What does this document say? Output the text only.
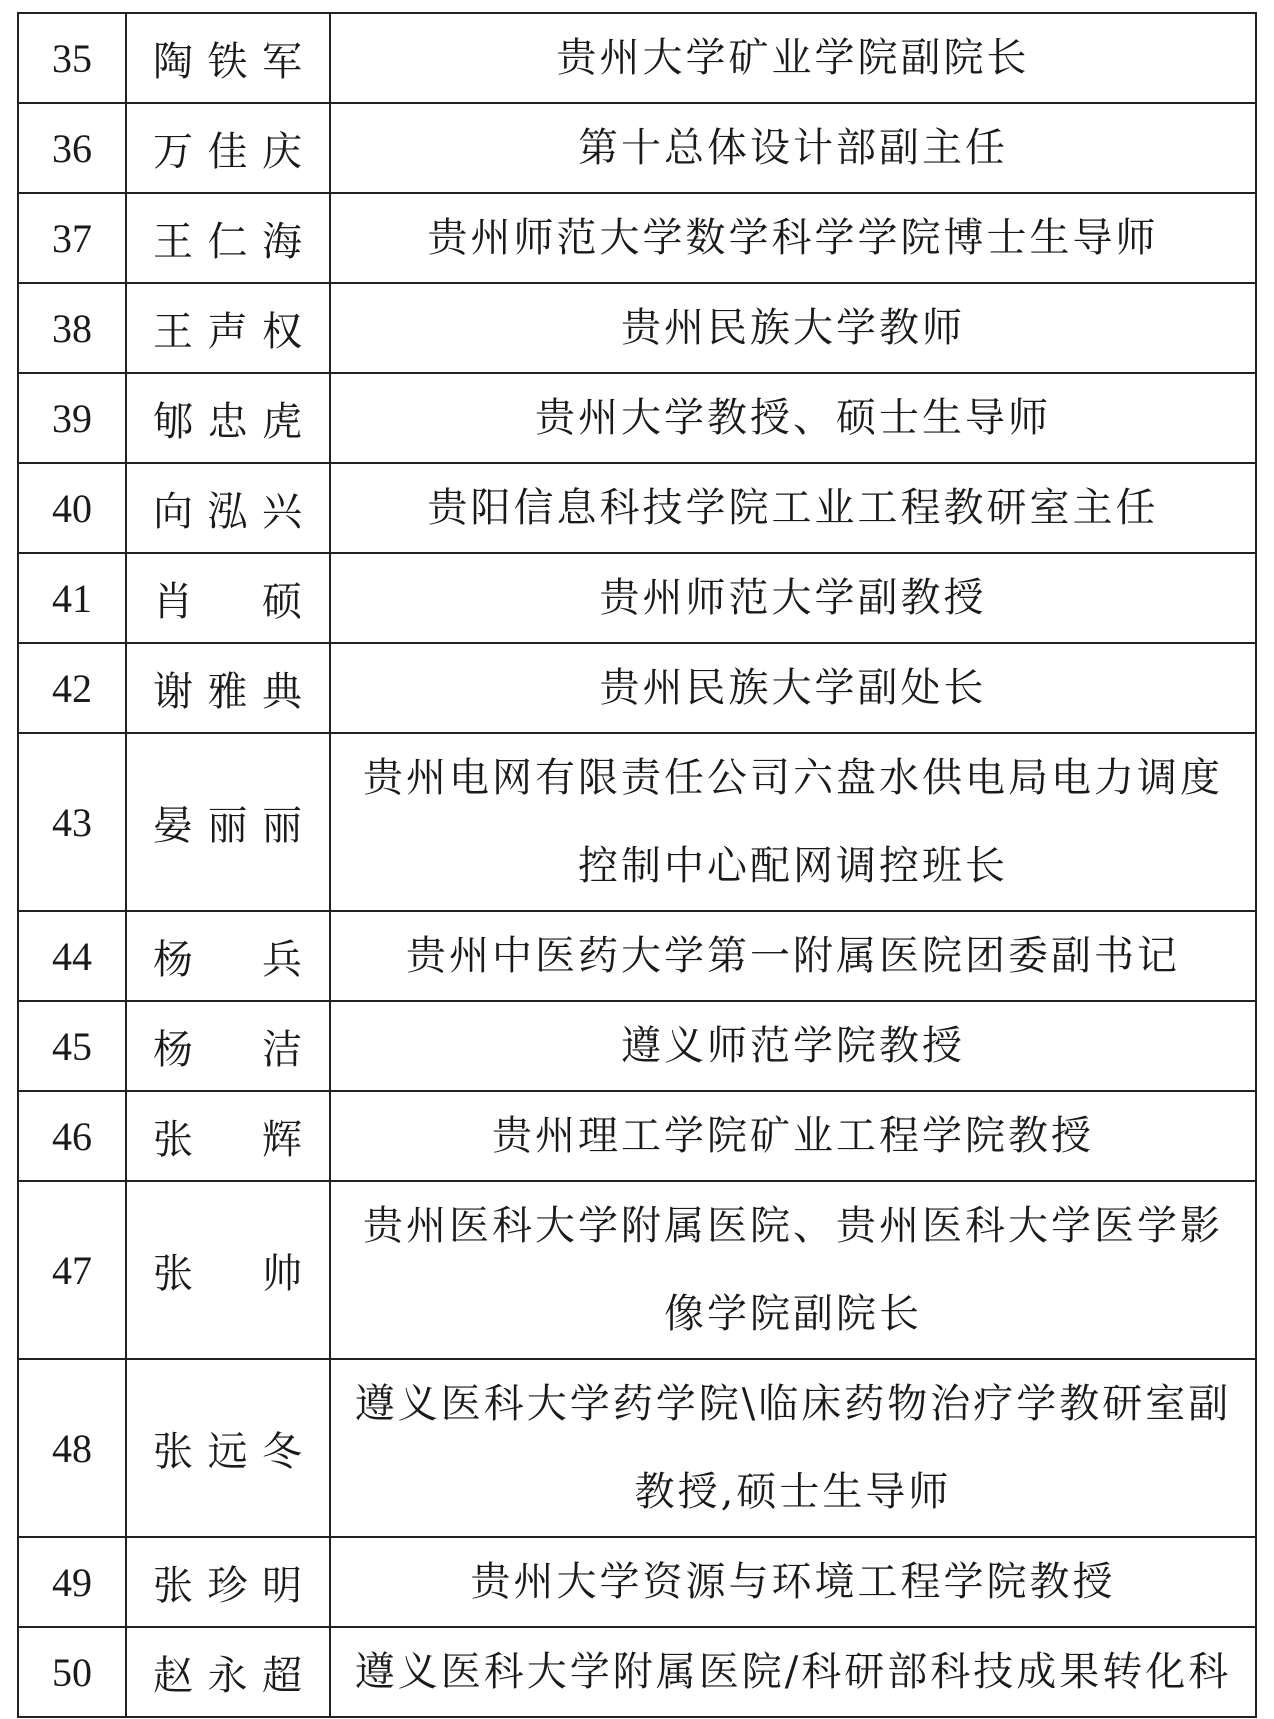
35	陶铁军	贵州大学矿业学院副院长
36	万佳庆	第十总体设计部副主任
37	王仁海	贵州师范大学数学科学学院博士生导师
38	王声权	贵州民族大学教师
39	郇忠虎	贵州大学教授、硕士生导师
40	向泓兴	贵阳信息科技学院工业工程教研室主任
41	肖 硕	贵州师范大学副教授
42	谢雅典	贵州民族大学副处长
43	晏丽丽	贵州电网有限责任公司六盘水供电局电力调度控制中心配网调控班长
44	杨 兵	贵州中医药大学第一附属医院团委副书记
45	杨 洁	遵义师范学院教授
46	张 辉	贵州理工学院矿业工程学院教授
47	张 帅	贵州医科大学附属医院、贵州医科大学医学影像学院副院长
48	张远冬	遵义医科大学药学院\临床药物治疗学教研室副教授,硕士生导师
49	张珍明	贵州大学资源与环境工程学院教授
50	赵永超	遵义医科大学附属医院/科研部科技成果转化科
